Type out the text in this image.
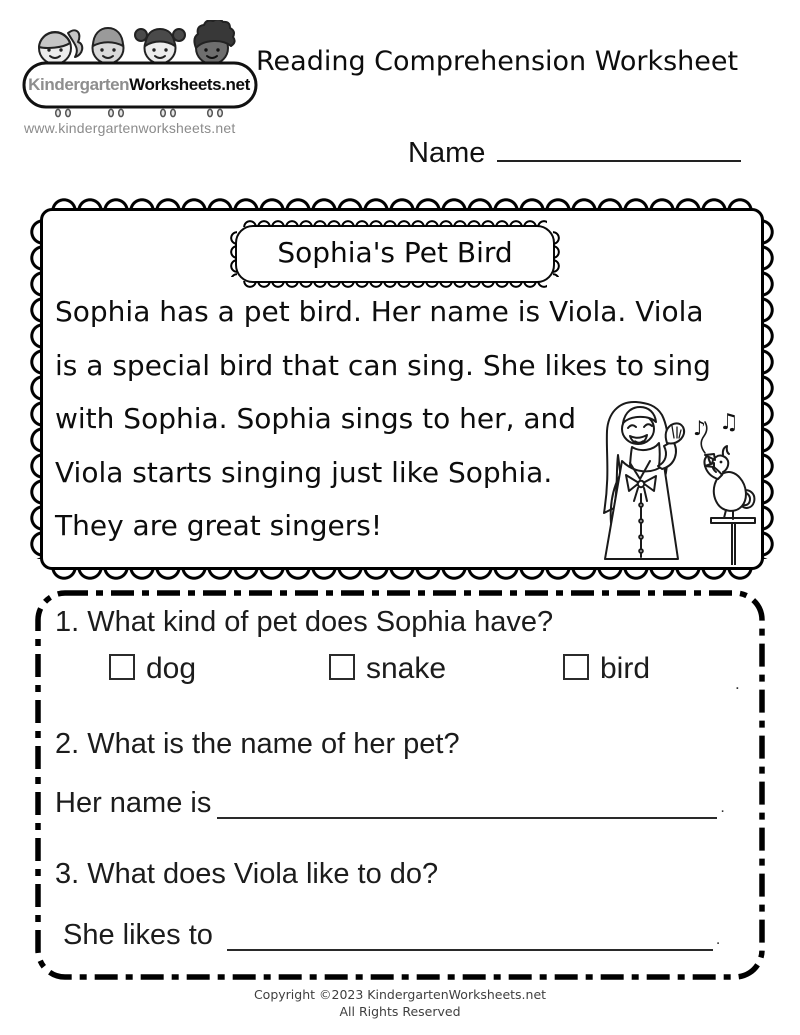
KindergartenWorksheets.net
www.kindergartenworksheets.net
Reading Comprehension Worksheet
Name
Sophia's Pet Bird
Sophia has a pet bird. Her name is Viola. Viola
is a special bird that can sing. She likes to sing
with Sophia. Sophia sings to her, and
Viola starts singing just like Sophia.
They are great singers!
♪ ♫
1. What kind of pet does Sophia have?
dog	snake	bird	.
2. What is the name of her pet?
Her name is	.
3. What does Viola like to do?
She likes to	.
Copyright ©2023 KindergartenWorksheets.net
All Rights Reserved
